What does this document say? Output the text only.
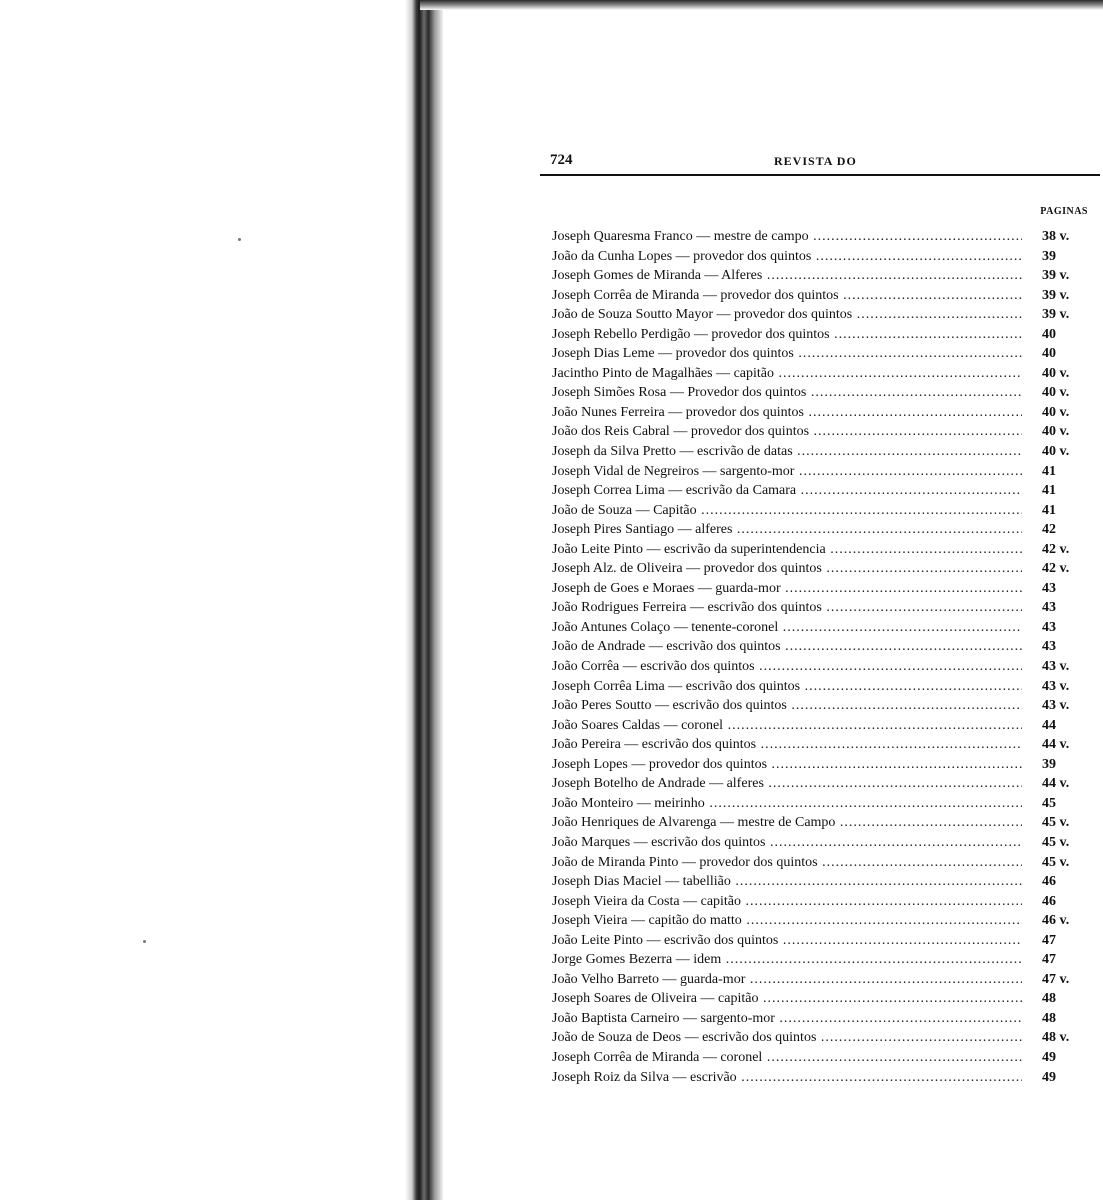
724	REVISTA DO
PAGINAS
Joseph Quaresma Franco — mestre de campo .....	38 v.
João da Cunha Lopes — provedor dos quintos .....	39
Joseph Gomes de Miranda — Alferes .....	39 v.
Joseph Corrêa de Miranda — provedor dos quintos .....	39 v.
João de Souza Soutto Mayor — provedor dos quintos .....	39 v.
Joseph Rebello Perdigão — provedor dos quintos .....	40
Joseph Dias Leme — provedor dos quintos .....	40
Jacintho Pinto de Magalhães — capitão .....	40 v.
Joseph Simões Rosa — Provedor dos quintos .....	40 v.
João Nunes Ferreira — provedor dos quintos .....	40 v.
João dos Reis Cabral — provedor dos quintos .....	40 v.
Joseph da Silva Pretto — escrivão de datas .....	40 v.
Joseph Vidal de Negreiros — sargento-mor .....	41
Joseph Correa Lima — escrivão da Camara .....	41
João de Souza — Capitão .....	41
Joseph Pires Santiago — alferes .....	42
João Leite Pinto — escrivão da superintendencia .....	42 v.
Joseph Alz. de Oliveira — provedor dos quintos .....	42 v.
Joseph de Goes e Moraes — guarda-mor .....	43
João Rodrigues Ferreira — escrivão dos quintos .....	43
João Antunes Colaço — tenente-coronel .....	43
João de Andrade — escrivão dos quintos .....	43
João Corrêa — escrivão dos quintos .....	43 v.
Joseph Corrêa Lima — escrivão dos quintos .....	43 v.
João Peres Soutto — escrivão dos quintos .....	43 v.
João Soares Caldas — coronel .....	44
João Pereira — escrivão dos quintos .....	44 v.
Joseph Lopes — provedor dos quintos .....	39
Joseph Botelho de Andrade — alferes .....	44 v.
João Monteiro — meirinho .....	45
João Henriques de Alvarenga — mestre de Campo .....	45 v.
João Marques — escrivão dos quintos .....	45 v.
João de Miranda Pinto — provedor dos quintos .....	45 v.
Joseph Dias Maciel — tabellião .....	46
Joseph Vieira da Costa — capitão .....	46
Joseph Vieira — capitão do matto .....	46 v.
João Leite Pinto — escrivão dos quintos .....	47
Jorge Gomes Bezerra — idem .....	47
João Velho Barreto — guarda-mor .....	47 v.
Joseph Soares de Oliveira — capitão .....	48
João Baptista Carneiro — sargento-mor .....	48
João de Souza de Deos — escrivão dos quintos .....	48 v.
Joseph Corrêa de Miranda — coronel .....	49
Joseph Roiz da Silva — escrivão .....	49
